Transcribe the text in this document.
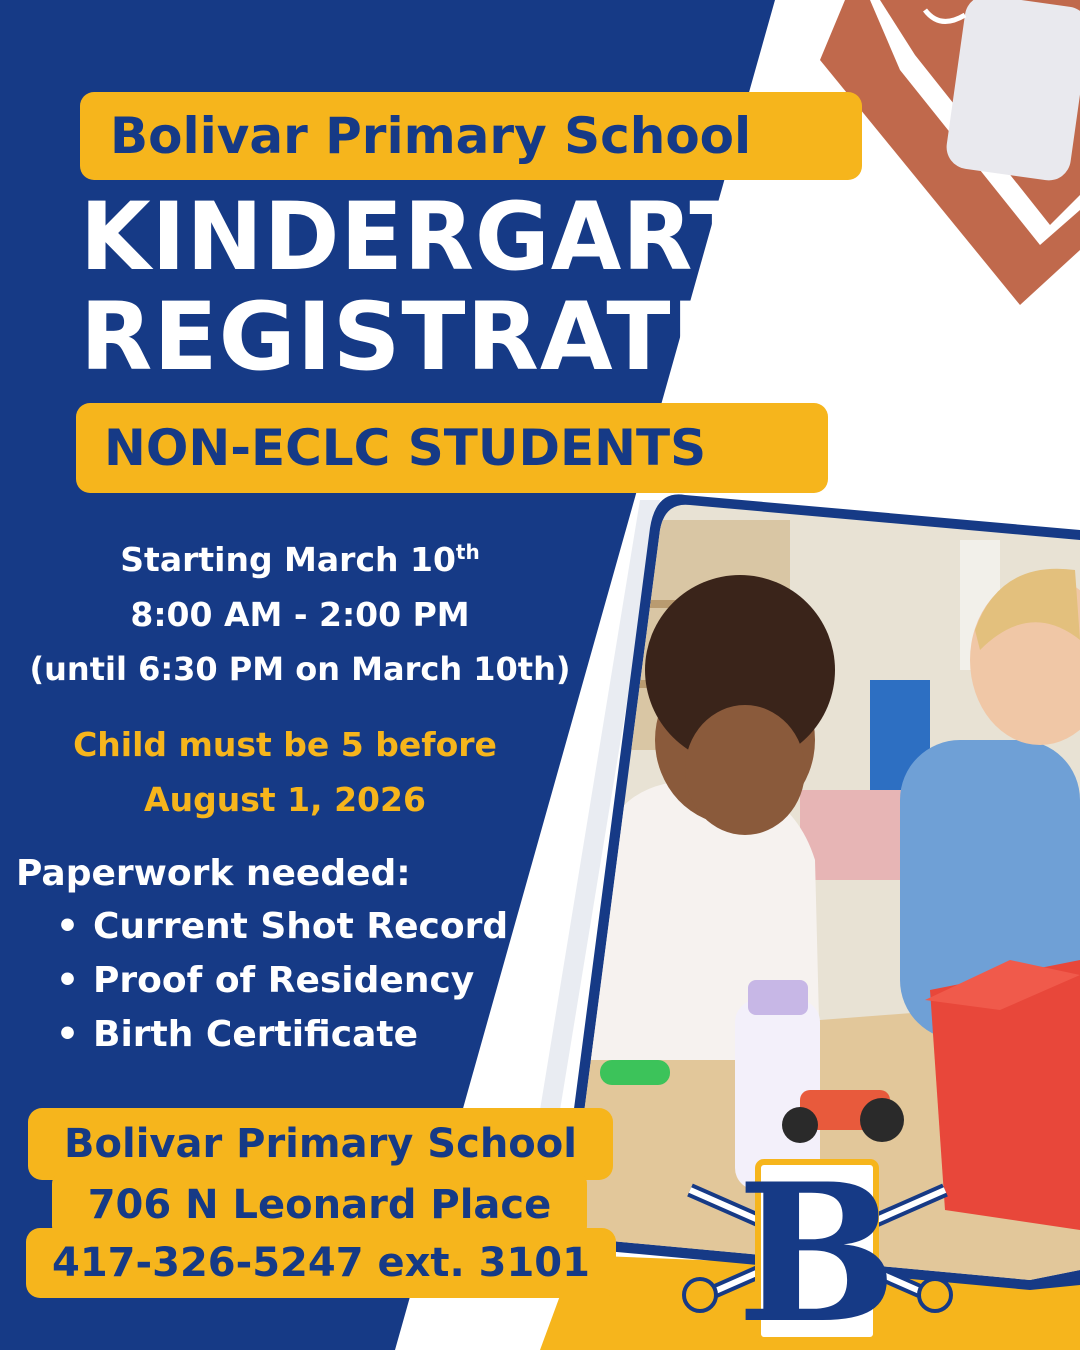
B
Bolivar Primary School
KINDERGARTEN
REGISTRATION
NON-ECLC STUDENTS
Starting March 10th
8:00 AM - 2:00 PM
(until 6:30 PM on March 10th)
Child must be 5 before
August 1, 2026
Paperwork needed:
• Current Shot Record
• Proof of Residency
• Birth Certificate
Bolivar Primary School
706 N Leonard Place
417-326-5247 ext. 3101
